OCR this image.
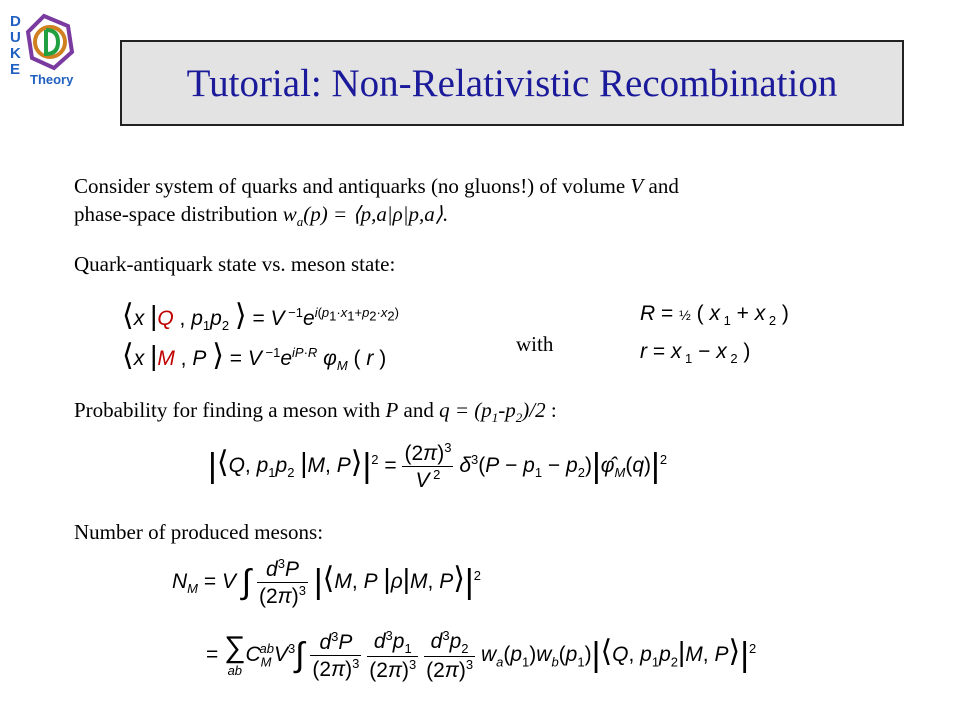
D
U
K
E
Theory	Tutorial: Non-Relativistic Recombination
Consider system of quarks and antiquarks (no gluons!) of volume V and
phase-space distribution $w_a(p)$ = ⟨p,a|ρ|p,a⟩.
Quark-antiquark state vs. meson state:
⟨x |Q , $p_1p_2$ ⟩ = V $^{-1}e^{i(p_1\cdot x_1+p_2\cdot x_2)}$
⟨x |M , P ⟩ = V $^{-1}e^{iP\cdot R}$ $\varphi_M$ ( r )
with
R = ½ ( x $_1$ + x $_2$ )
r = x $_1$ − x $_2$ )
Probability for finding a meson with P and $q = (p_1-p_2)/2$ :
|⟨Q, $p_1p_2$ |M, $P⟩|^2 = \frac{(2\pi)^3}{V ^2} \delta^3(P - p_1$ − $p_2)|\varphî_M(q)|^2$
Number of produced mesons:
$N_M = V$ ∫ $\frac{d^3P}{(2\pi)^3}$ |⟨M, P |ρ|M, $P⟩|^2$
= ∑
ab
$C_M^{ab}V^3\int \frac{d^3P}{(2\pi)^3}$
$\frac{d^3p_1}{(2\pi)^3}$
$\frac{d^3p_2}{(2\pi)^3}$ $w_a(p_1)w_b(p_1)|⟨Q$, $p_1p_2|M$, $P⟩|^2$
